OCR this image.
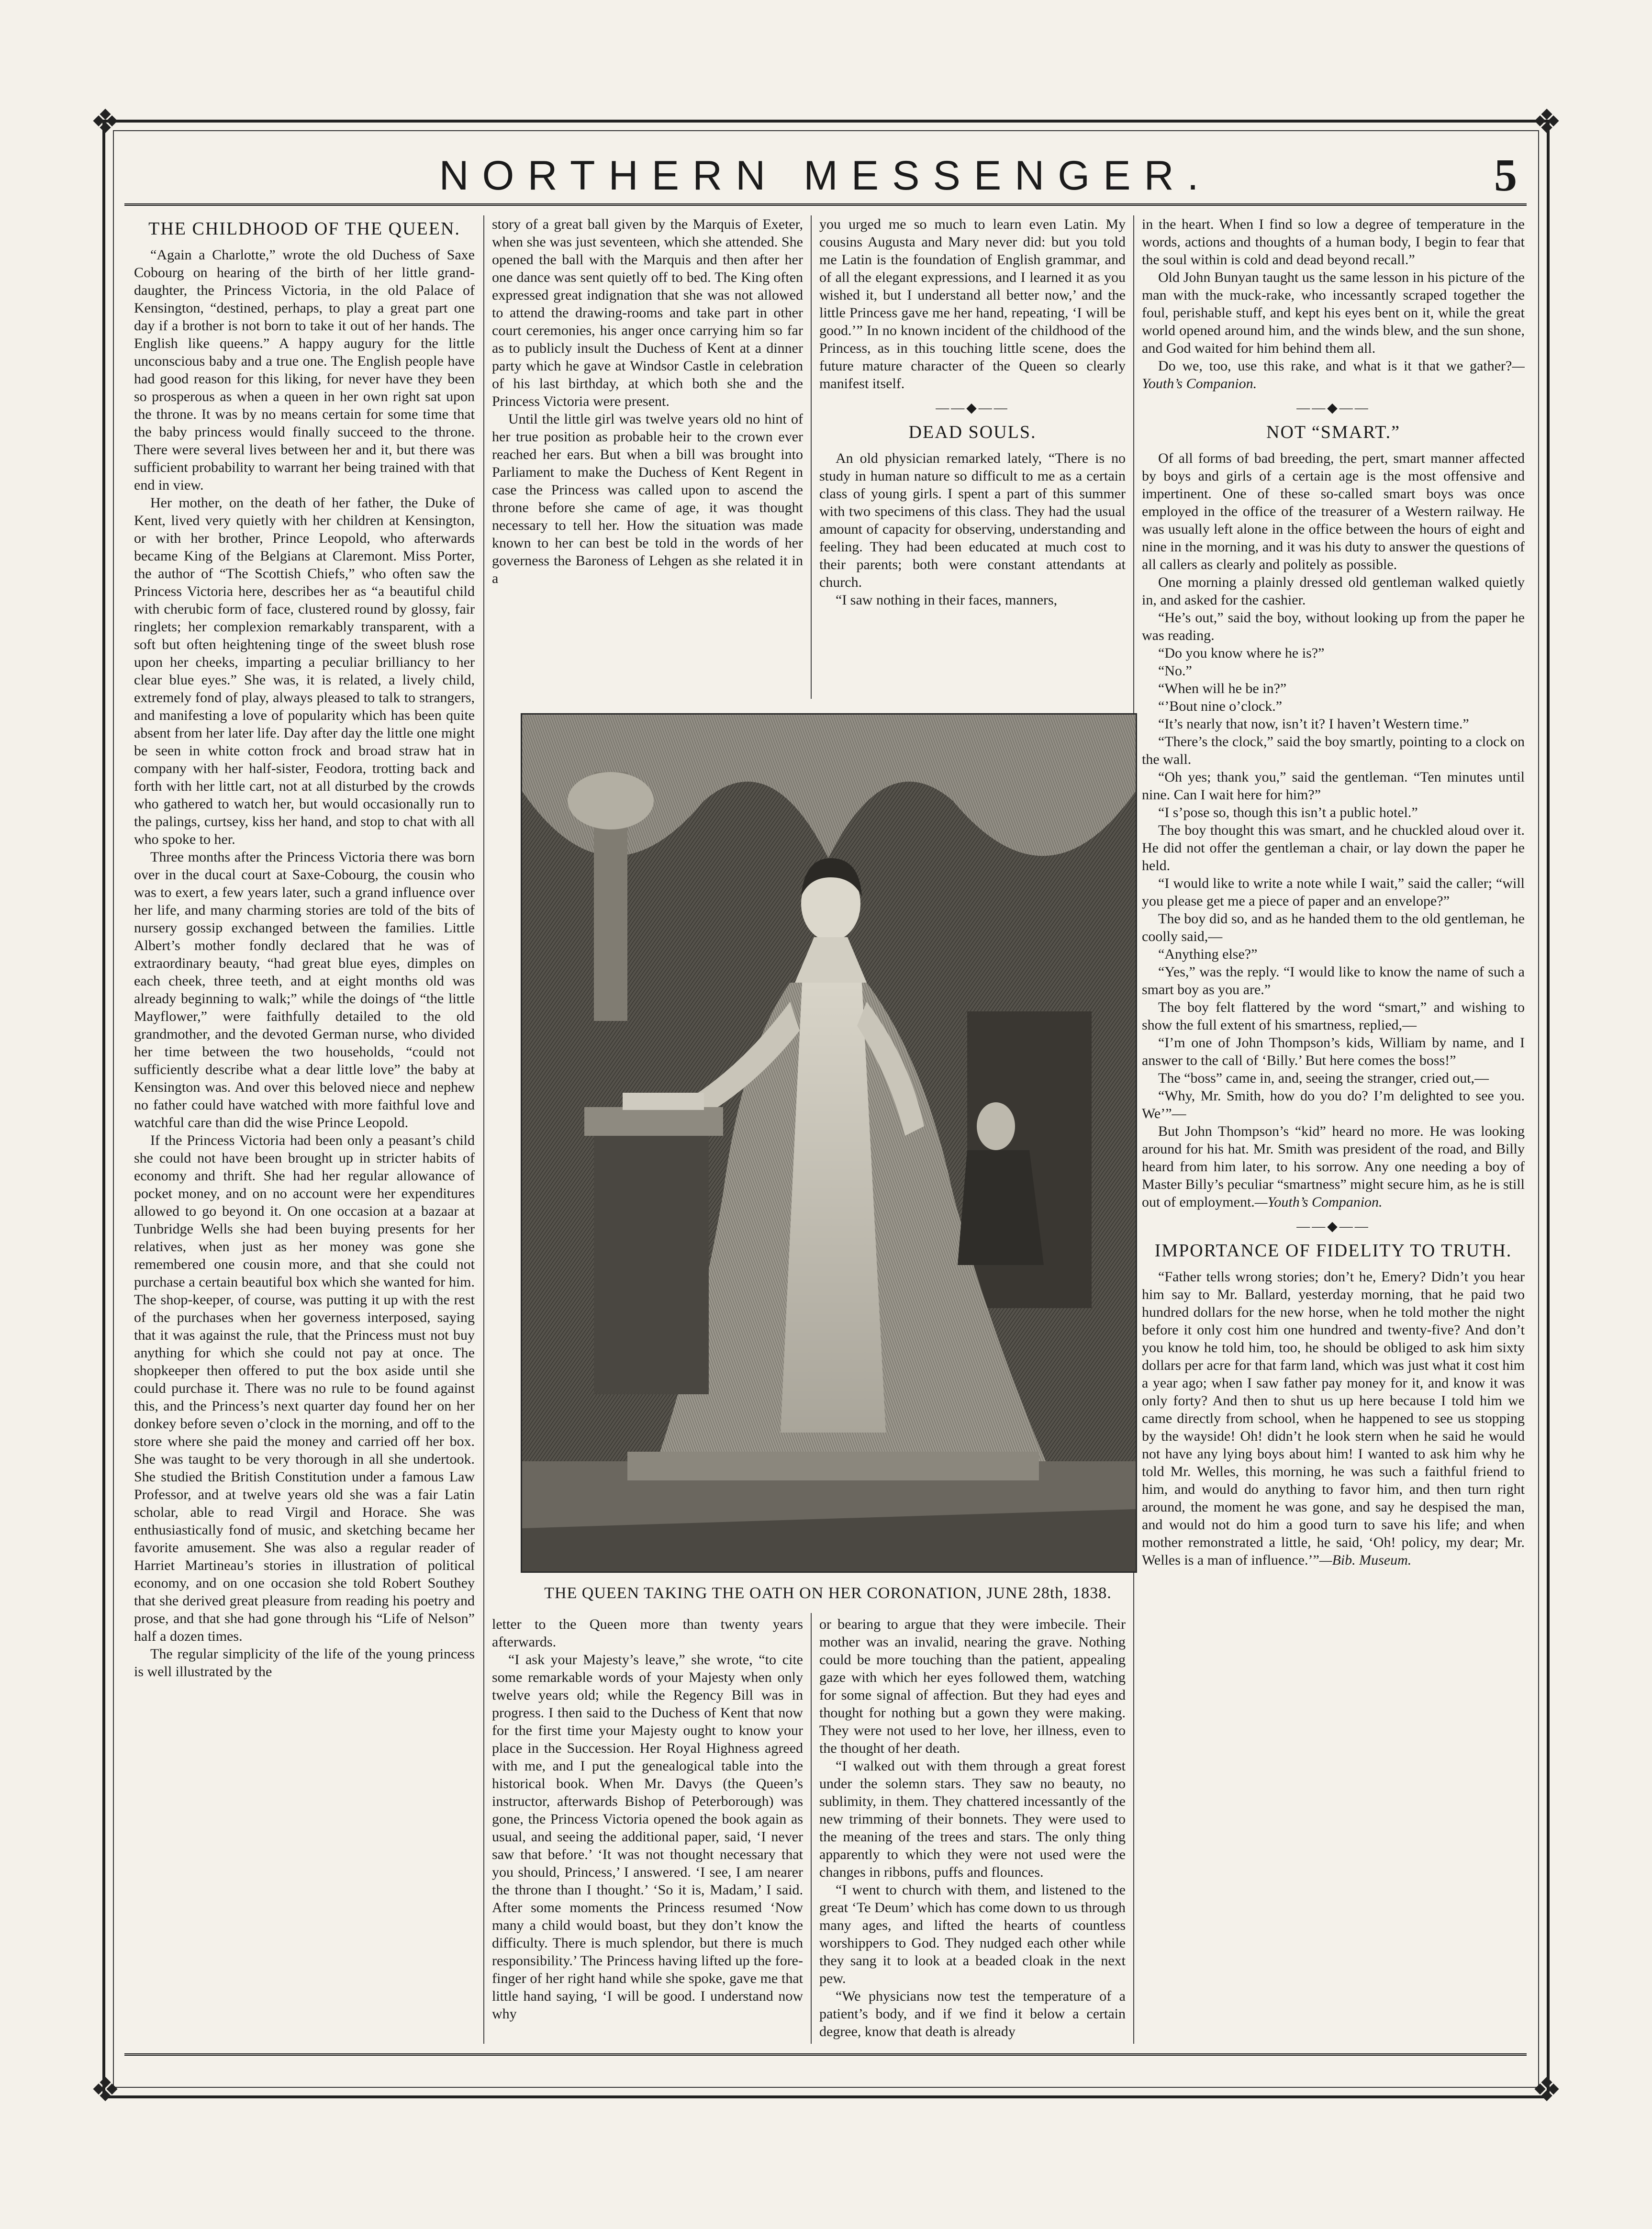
❖	❖
❖	❖
NORTHERN MESSENGER.	5
THE CHILDHOOD OF THE QUEEN.

“Again a Charlotte,” wrote the old Duchess of Saxe Cobourg on hearing of the birth of her little grand-daughter, the Princess Victoria, in the old Palace of Kensington, “destined, perhaps, to play a great part one day if a brother is not born to take it out of her hands. The English like queens.” A happy augury for the little unconscious baby and a true one. The English people have had good reason for this liking, for never have they been so prosperous as when a queen in her own right sat upon the throne. It was by no means certain for some time that the baby princess would finally succeed to the throne. There were several lives between her and it, but there was sufficient probability to warrant her being trained with that end in view.

Her mother, on the death of her father, the Duke of Kent, lived very quietly with her children at Kensington, or with her brother, Prince Leopold, who afterwards became King of the Belgians at Claremont. Miss Porter, the author of “The Scottish Chiefs,” who often saw the Princess Victoria here, describes her as “a beautiful child with cherubic form of face, clustered round by glossy, fair ringlets; her complexion remarkably transparent, with a soft but often heightening tinge of the sweet blush rose upon her cheeks, imparting a peculiar brilliancy to her clear blue eyes.” She was, it is related, a lively child, extremely fond of play, always pleased to talk to strangers, and manifesting a love of popularity which has been quite absent from her later life. Day after day the little one might be seen in white cotton frock and broad straw hat in company with her half-sister, Feodora, trotting back and forth with her little cart, not at all disturbed by the crowds who gathered to watch her, but would occasionally run to the palings, curtsey, kiss her hand, and stop to chat with all who spoke to her.

Three months after the Princess Victoria there was born over in the ducal court at Saxe-Cobourg, the cousin who was to exert, a few years later, such a grand influence over her life, and many charming stories are told of the bits of nursery gossip exchanged between the families. Little Albert’s mother fondly declared that he was of extraordinary beauty, “had great blue eyes, dimples on each cheek, three teeth, and at eight months old was already beginning to walk;” while the doings of “the little Mayflower,” were faithfully detailed to the old grandmother, and the devoted German nurse, who divided her time between the two households, “could not sufficiently describe what a dear little love” the baby at Kensington was. And over this beloved niece and nephew no father could have watched with more faithful love and watchful care than did the wise Prince Leopold.

If the Princess Victoria had been only a peasant’s child she could not have been brought up in stricter habits of economy and thrift. She had her regular allowance of pocket money, and on no account were her expenditures allowed to go beyond it. On one occasion at a bazaar at Tunbridge Wells she had been buying presents for her relatives, when just as her money was gone she remembered one cousin more, and that she could not purchase a certain beautiful box which she wanted for him. The shop-keeper, of course, was putting it up with the rest of the purchases when her governess interposed, saying that it was against the rule, that the Princess must not buy anything for which she could not pay at once. The shopkeeper then offered to put the box aside until she could purchase it. There was no rule to be found against this, and the Princess’s next quarter day found her on her donkey before seven o’clock in the morning, and off to the store where she paid the money and carried off her box. She was taught to be very thorough in all she undertook. She studied the British Constitution under a famous Law Professor, and at twelve years old she was a fair Latin scholar, able to read Virgil and Horace. She was enthusiastically fond of music, and sketching became her favorite amusement. She was also a regular reader of Harriet Martineau’s stories in illustration of political economy, and on one occasion she told Robert Southey that she derived great pleasure from reading his poetry and prose, and that she had gone through his “Life of Nelson” half a dozen times.

The regular simplicity of the life of the young princess is well illustrated by the

story of a great ball given by the Marquis of Exeter, when she was just seventeen, which she attended. She opened the ball with the Marquis and then after her one dance was sent quietly off to bed. The King often expressed great indignation that she was not allowed to attend the drawing-rooms and take part in other court ceremonies, his anger once carrying him so far as to publicly insult the Duchess of Kent at a dinner party which he gave at Windsor Castle in celebration of his last birthday, at which both she and the Princess Victoria were present.

Until the little girl was twelve years old no hint of her true position as probable heir to the crown ever reached her ears. But when a bill was brought into Parliament to make the Duchess of Kent Regent in case the Princess was called upon to ascend the throne before she came of age, it was thought necessary to tell her. How the situation was made known to her can best be told in the words of her governess the Baroness of Lehgen as she related it in a

you urged me so much to learn even Latin. My cousins Augusta and Mary never did: but you told me Latin is the foundation of English grammar, and of all the elegant expressions, and I learned it as you wished it, but I understand all better now,’ and the little Princess gave me her hand, repeating, ‘I will be good.’” In no known incident of the childhood of the Princess, as in this touching little scene, does the future mature character of the Queen so clearly manifest itself.

——◆——
DEAD SOULS.

An old physician remarked lately, “There is no study in human nature so difficult to me as a certain class of young girls. I spent a part of this summer with two specimens of this class. They had the usual amount of capacity for observing, understanding and feeling. They had been educated at much cost to their parents; both were constant attendants at church.

“I saw nothing in their faces, manners,

THE QUEEN TAKING THE OATH ON HER CORONATION, JUNE 28th, 1838.

letter to the Queen more than twenty years afterwards.

“I ask your Majesty’s leave,” she wrote, “to cite some remarkable words of your Majesty when only twelve years old; while the Regency Bill was in progress. I then said to the Duchess of Kent that now for the first time your Majesty ought to know your place in the Succession. Her Royal Highness agreed with me, and I put the genealogical table into the historical book. When Mr. Davys (the Queen’s instructor, afterwards Bishop of Peterborough) was gone, the Princess Victoria opened the book again as usual, and seeing the additional paper, said, ‘I never saw that before.’ ‘It was not thought necessary that you should, Princess,’ I answered. ‘I see, I am nearer the throne than I thought.’ ‘So it is, Madam,’ I said. After some moments the Princess resumed ‘Now many a child would boast, but they don’t know the difficulty. There is much splendor, but there is much responsibility.’ The Princess having lifted up the fore-finger of her right hand while she spoke, gave me that little hand saying, ‘I will be good. I understand now why

or bearing to argue that they were imbecile. Their mother was an invalid, nearing the grave. Nothing could be more touching than the patient, appealing gaze with which her eyes followed them, watching for some signal of affection. But they had eyes and thought for nothing but a gown they were making. They were not used to her love, her illness, even to the thought of her death.

“I walked out with them through a great forest under the solemn stars. They saw no beauty, no sublimity, in them. They chattered incessantly of the new trimming of their bonnets. They were used to the meaning of the trees and stars. The only thing apparently to which they were not used were the changes in ribbons, puffs and flounces.

“I went to church with them, and listened to the great ‘Te Deum’ which has come down to us through many ages, and lifted the hearts of countless worshippers to God. They nudged each other while they sang it to look at a beaded cloak in the next pew.

“We physicians now test the temperature of a patient’s body, and if we find it below a certain degree, know that death is already

in the heart. When I find so low a degree of temperature in the words, actions and thoughts of a human body, I begin to fear that the soul within is cold and dead beyond recall.”

Old John Bunyan taught us the same lesson in his picture of the man with the muck-rake, who incessantly scraped together the foul, perishable stuff, and kept his eyes bent on it, while the great world opened around him, and the winds blew, and the sun shone, and God waited for him behind them all.

Do we, too, use this rake, and what is it that we gather?—Youth’s Companion.

——◆——
NOT “SMART.”

Of all forms of bad breeding, the pert, smart manner affected by boys and girls of a certain age is the most offensive and impertinent. One of these so-called smart boys was once employed in the office of the treasurer of a Western railway. He was usually left alone in the office between the hours of eight and nine in the morning, and it was his duty to answer the questions of all callers as clearly and politely as possible.

One morning a plainly dressed old gentleman walked quietly in, and asked for the cashier.

“He’s out,” said the boy, without looking up from the paper he was reading.

“Do you know where he is?”

“No.”

“When will he be in?”

“’Bout nine o’clock.”

“It’s nearly that now, isn’t it? I haven’t Western time.”

“There’s the clock,” said the boy smartly, pointing to a clock on the wall.

“Oh yes; thank you,” said the gentleman. “Ten minutes until nine. Can I wait here for him?”

“I s’pose so, though this isn’t a public hotel.”

The boy thought this was smart, and he chuckled aloud over it. He did not offer the gentleman a chair, or lay down the paper he held.

“I would like to write a note while I wait,” said the caller; “will you please get me a piece of paper and an envelope?”

The boy did so, and as he handed them to the old gentleman, he coolly said,—

“Anything else?”

“Yes,” was the reply. “I would like to know the name of such a smart boy as you are.”

The boy felt flattered by the word “smart,” and wishing to show the full extent of his smartness, replied,—

“I’m one of John Thompson’s kids, William by name, and I answer to the call of ‘Billy.’ But here comes the boss!”

The “boss” came in, and, seeing the stranger, cried out,—

“Why, Mr. Smith, how do you do? I’m delighted to see you. We’”—

But John Thompson’s “kid” heard no more. He was looking around for his hat. Mr. Smith was president of the road, and Billy heard from him later, to his sorrow. Any one needing a boy of Master Billy’s peculiar “smartness” might secure him, as he is still out of employment.—Youth’s Companion.

——◆——
IMPORTANCE OF FIDELITY TO TRUTH.

“Father tells wrong stories; don’t he, Emery? Didn’t you hear him say to Mr. Ballard, yesterday morning, that he paid two hundred dollars for the new horse, when he told mother the night before it only cost him one hundred and twenty-five? And don’t you know he told him, too, he should be obliged to ask him sixty dollars per acre for that farm land, which was just what it cost him a year ago; when I saw father pay money for it, and know it was only forty? And then to shut us up here because I told him we came directly from school, when he happened to see us stopping by the wayside! Oh! didn’t he look stern when he said he would not have any lying boys about him! I wanted to ask him why he told Mr. Welles, this morning, he was such a faithful friend to him, and would do anything to favor him, and then turn right around, the moment he was gone, and say he despised the man, and would not do him a good turn to save his life; and when mother remonstrated a little, he said, ‘Oh! policy, my dear; Mr. Welles is a man of influence.’”—Bib. Museum.
